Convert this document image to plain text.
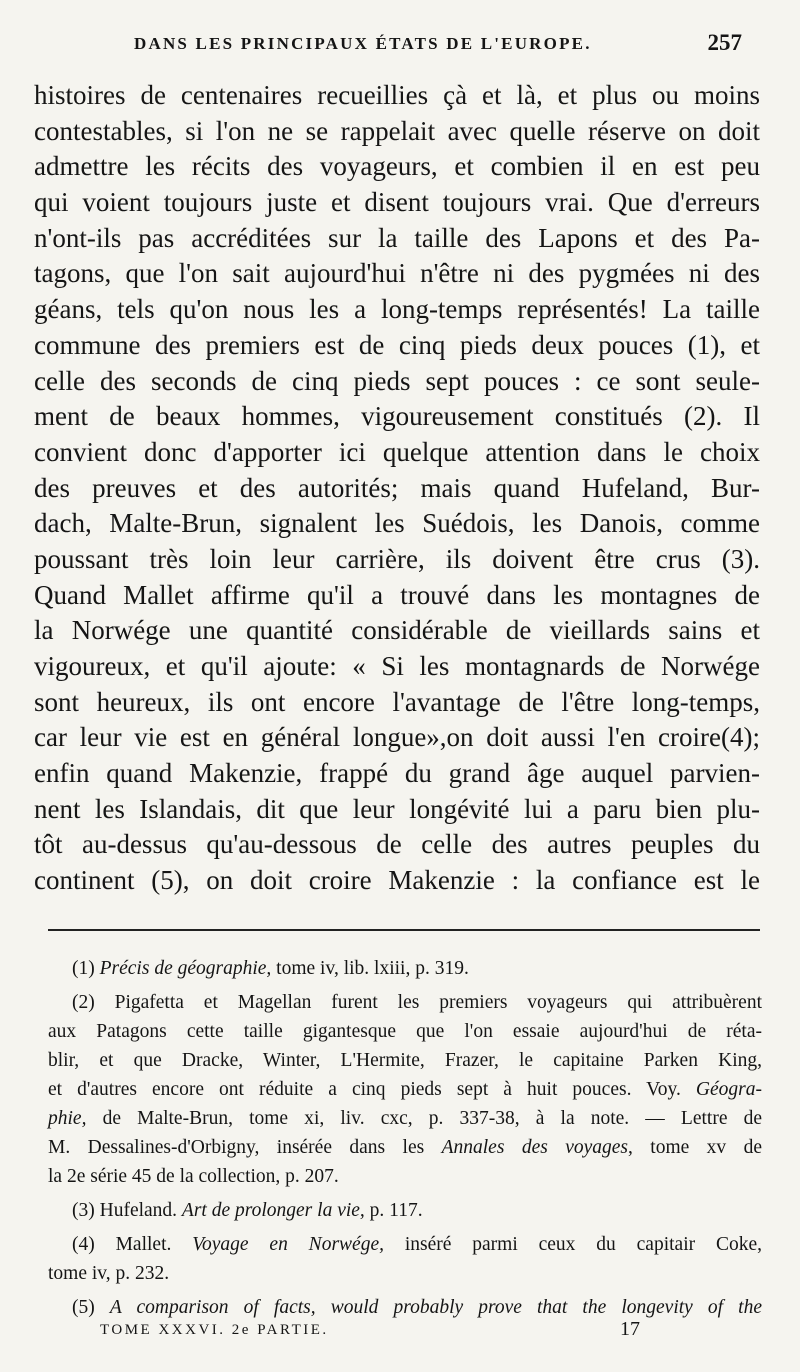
DANS LES PRINCIPAUX ÉTATS DE L'EUROPE.	257
histoires de centenaires recueillies çà et là, et plus ou moins
contestables, si l'on ne se rappelait avec quelle réserve on doit
admettre les récits des voyageurs, et combien il en est peu
qui voient toujours juste et disent toujours vrai. Que d'erreurs
n'ont-ils pas accréditées sur la taille des Lapons et des Pa-
tagons, que l'on sait aujourd'hui n'être ni des pygmées ni des
géans, tels qu'on nous les a long-temps représentés! La taille
commune des premiers est de cinq pieds deux pouces (1), et
celle des seconds de cinq pieds sept pouces : ce sont seule-
ment de beaux hommes, vigoureusement constitués (2). Il
convient donc d'apporter ici quelque attention dans le choix
des preuves et des autorités; mais quand Hufeland, Bur-
dach, Malte-Brun, signalent les Suédois, les Danois, comme
poussant très loin leur carrière, ils doivent être crus (3).
Quand Mallet affirme qu'il a trouvé dans les montagnes de
la Norwége une quantité considérable de vieillards sains et
vigoureux, et qu'il ajoute: « Si les montagnards de Norwége
sont heureux, ils ont encore l'avantage de l'être long-temps,
car leur vie est en général longue»,on doit aussi l'en croire(4);
enfin quand Makenzie, frappé du grand âge auquel parvien-
nent les Islandais, dit que leur longévité lui a paru bien plu-
tôt au-dessus qu'au-dessous de celle des autres peuples du
continent (5), on doit croire Makenzie : la confiance est le
(1) Précis de géographie, tome iv, lib. lxiii, p. 319.
(2) Pigafetta et Magellan furent les premiers voyageurs qui attribuèrent
aux Patagons cette taille gigantesque que l'on essaie aujourd'hui de réta-
blir, et que Dracke, Winter, L'Hermite, Frazer, le capitaine Parken King,
et d'autres encore ont réduite a cinq pieds sept à huit pouces. Voy. Géogra-
phie, de Malte-Brun, tome xi, liv. cxc, p. 337-38, à la note. — Lettre de
M. Dessalines-d'Orbigny, insérée dans les Annales des voyages, tome xv de
la 2e série 45 de la collection, p. 207.
(3) Hufeland. Art de prolonger la vie, p. 117.
(4) Mallet. Voyage en Norwége, inséré parmi ceux du capitair Coke,
tome iv, p. 232.
(5) A comparison of facts, would probably prove that the longevity of the
TOME XXXVI. 2e PARTIE.	17
